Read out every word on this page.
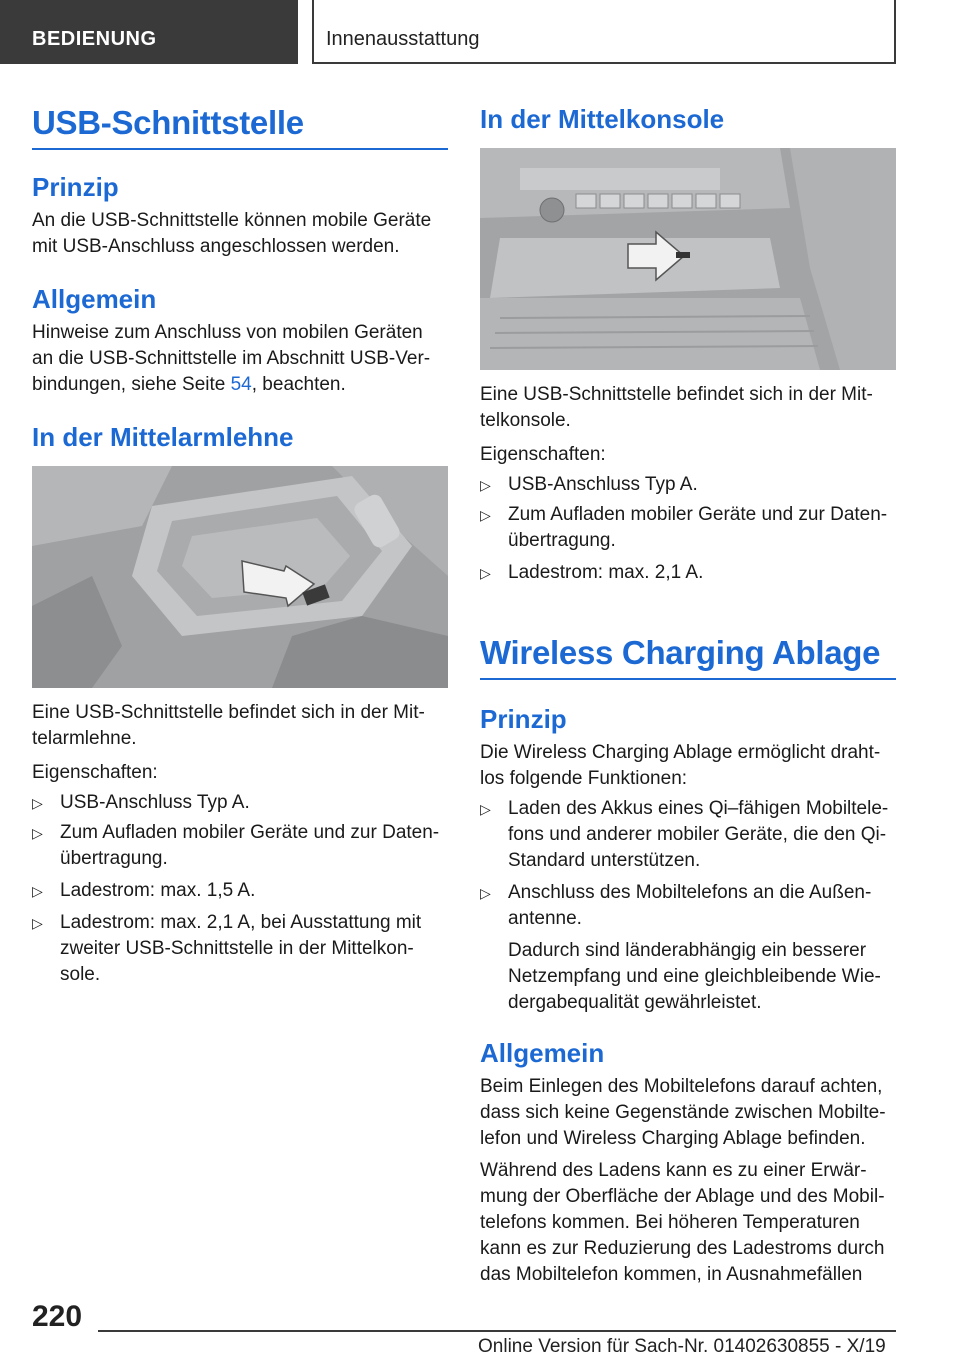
BEDIENUNG	Innenausstattung
USB-Schnittstelle
Prinzip
An die USB-Schnittstelle können mobile Geräte
mit USB-Anschluss angeschlossen werden.
Allgemein
Hinweise zum Anschluss von mobilen Geräten
an die USB-Schnittstelle im Abschnitt USB-Ver-
bindungen, siehe Seite 54, beachten.
In der Mittelarmlehne
Eine USB-Schnittstelle befindet sich in der Mit-
telarmlehne.
Eigenschaften:
▷ USB-Anschluss Typ A.
▷ Zum Aufladen mobiler Geräte und zur Daten-
übertragung.
▷ Ladestrom: max. 1,5 A.
▷ Ladestrom: max. 2,1 A, bei Ausstattung mit
zweiter USB-Schnittstelle in der Mittelkon-
sole.
In der Mittelkonsole
Eine USB-Schnittstelle befindet sich in der Mit-
telkonsole.
Eigenschaften:
▷ USB-Anschluss Typ A.
▷ Zum Aufladen mobiler Geräte und zur Daten-
übertragung.
▷ Ladestrom: max. 2,1 A.
Wireless Charging Ablage
Prinzip
Die Wireless Charging Ablage ermöglicht draht-
los folgende Funktionen:
▷ Laden des Akkus eines Qi–fähigen Mobiltele-
fons und anderer mobiler Geräte, die den Qi-
Standard unterstützen.
▷ Anschluss des Mobiltelefons an die Außen-
antenne.
Dadurch sind länderabhängig ein besserer
Netzempfang und eine gleichbleibende Wie-
dergabequalität gewährleistet.
Allgemein
Beim Einlegen des Mobiltelefons darauf achten,
dass sich keine Gegenstände zwischen Mobilte-
lefon und Wireless Charging Ablage befinden.
Während des Ladens kann es zu einer Erwär-
mung der Oberfläche der Ablage und des Mobil-
telefons kommen. Bei höheren Temperaturen
kann es zur Reduzierung des Ladestroms durch
das Mobiltelefon kommen, in Ausnahmefällen
220
Online Version für Sach-Nr. 01402630855 - X/19
